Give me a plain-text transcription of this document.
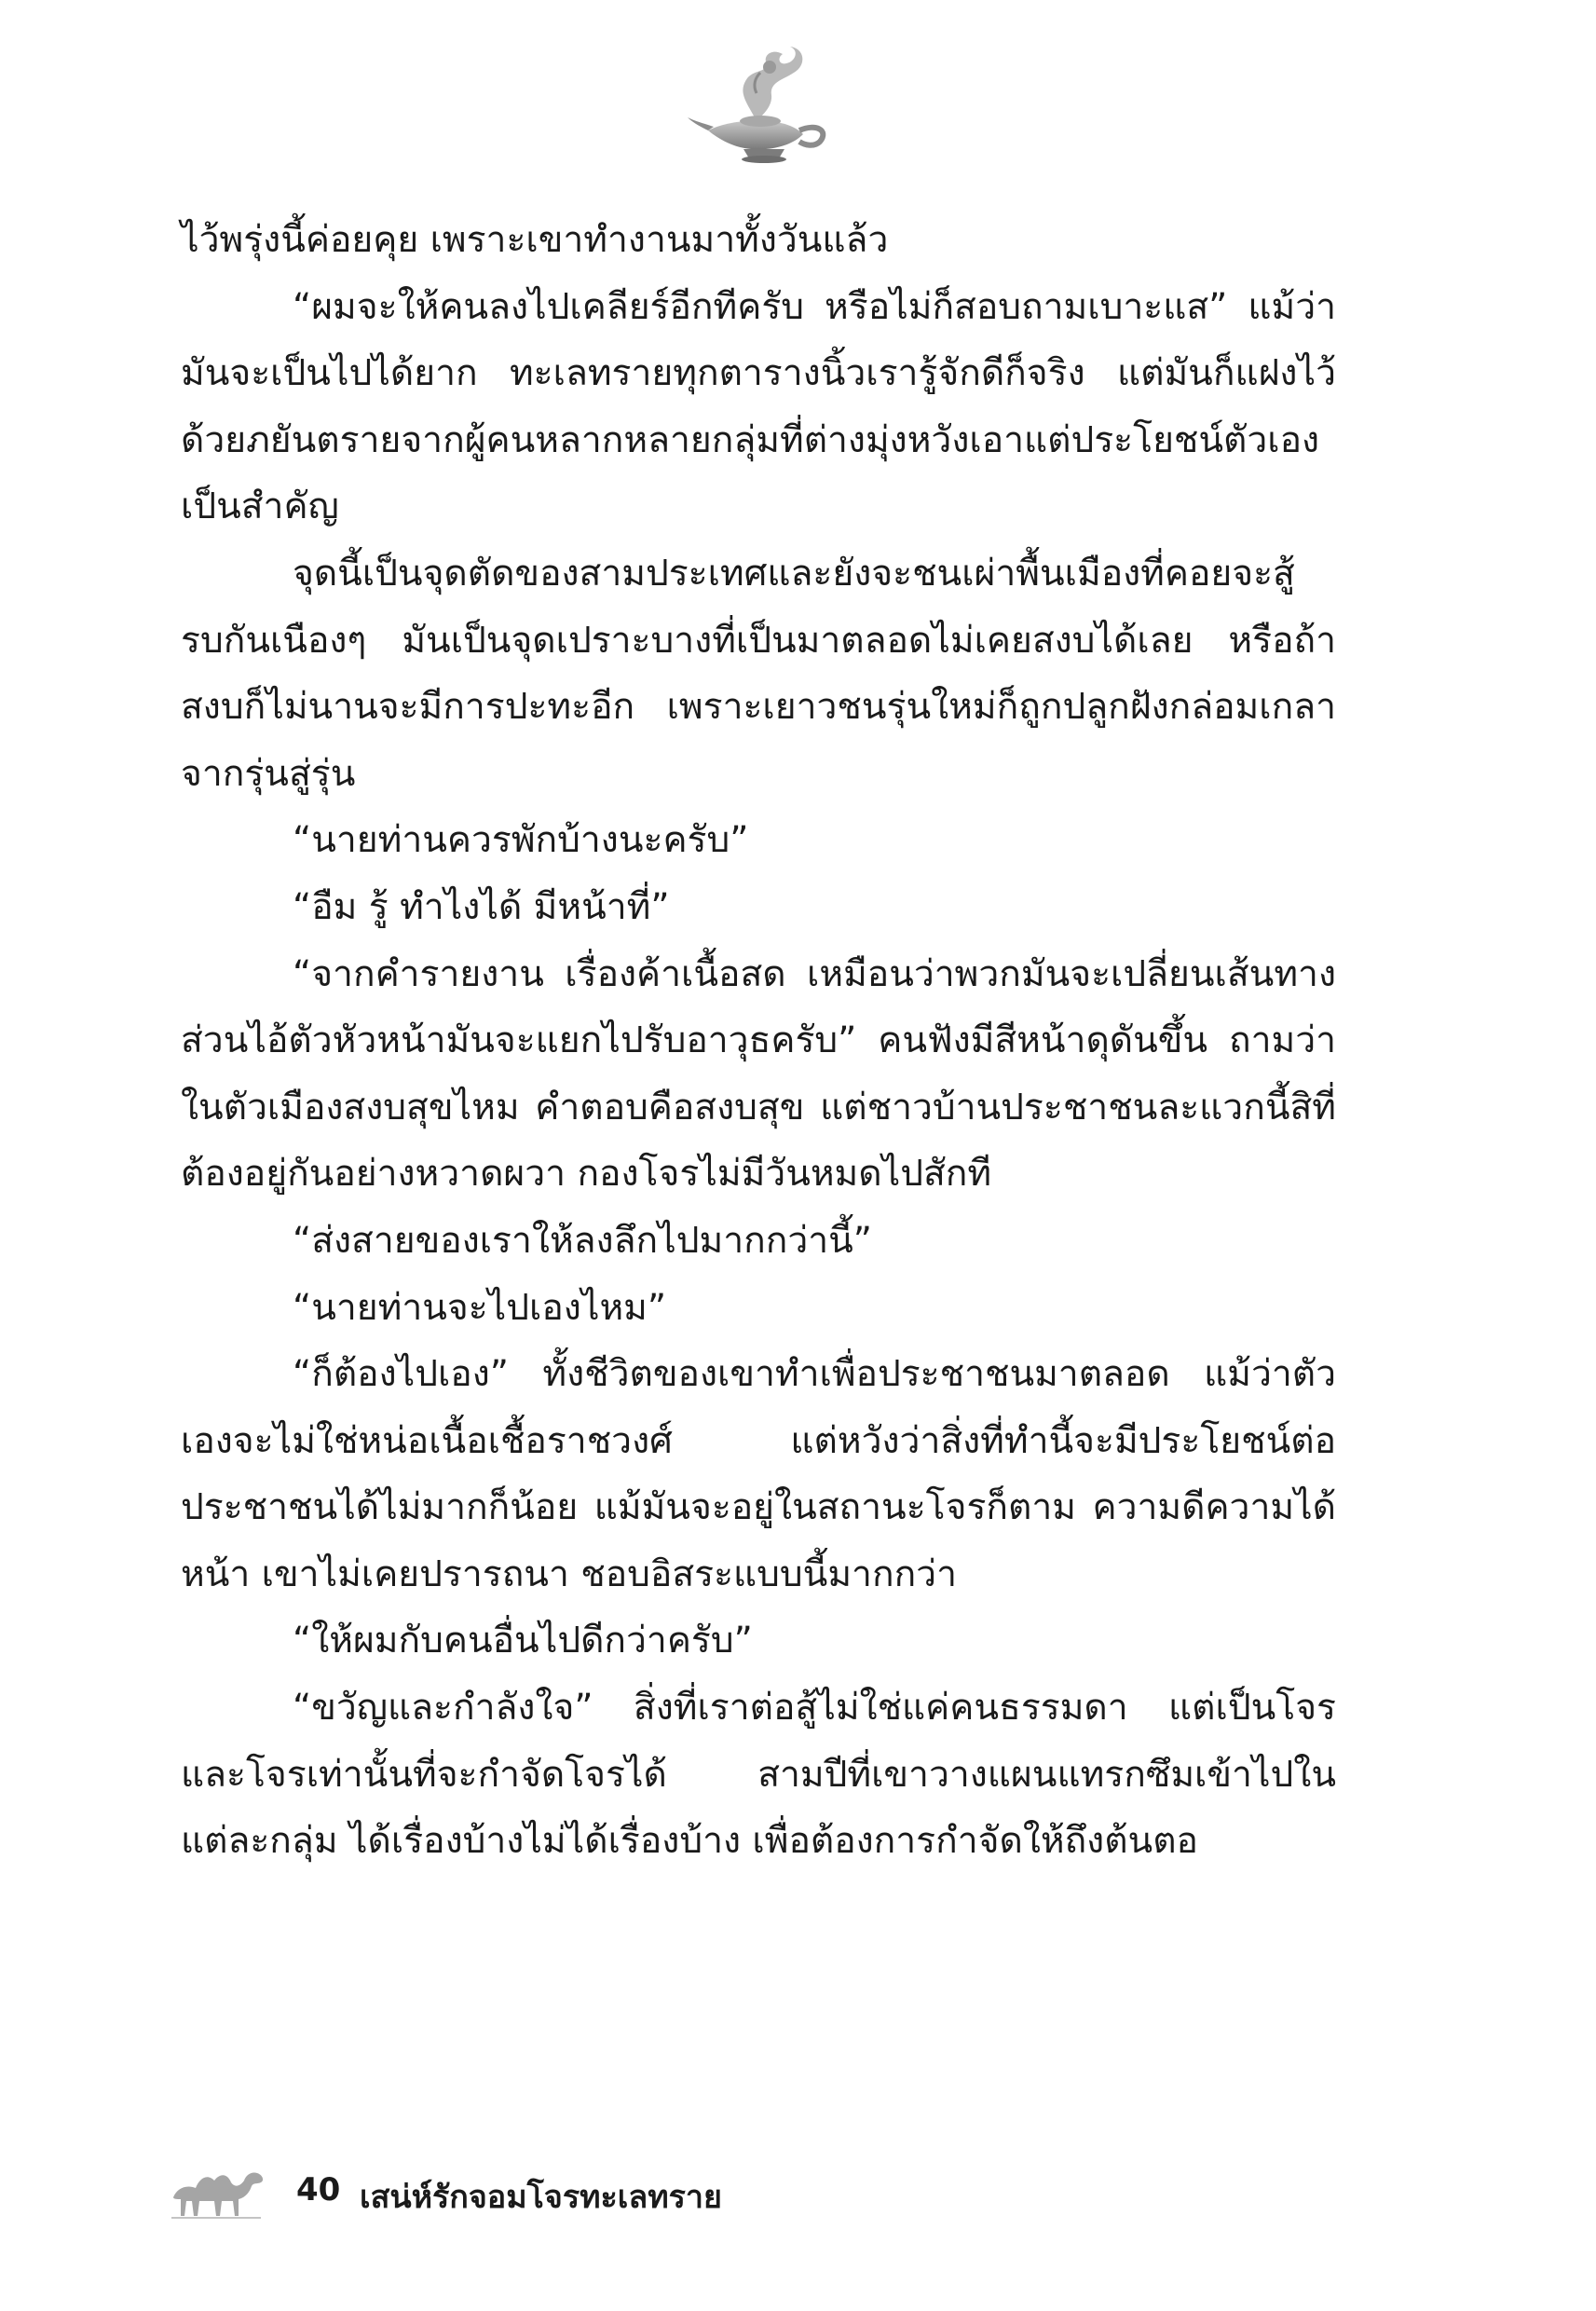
ไว้พรุ่งนี้ค่อยคุย เพราะเขาทำงานมาทั้งวันแล้ว

“ผมจะให้คนลงไปเคลียร์อีกทีครับ หรือไม่ก็สอบถามเบาะแส” แม้ว่ามันจะเป็นไปได้ยาก ทะเลทรายทุกตารางนิ้วเรารู้จักดีก็จริง แต่มันก็แฝงไว้ด้วยภยันตรายจากผู้คนหลากหลายกลุ่มที่ต่างมุ่งหวังเอาแต่ประโยชน์ตัวเองเป็นสำคัญ

จุดนี้เป็นจุดตัดของสามประเทศและยังจะชนเผ่าพื้นเมืองที่คอยจะสู้รบกันเนืองๆ มันเป็นจุดเปราะบางที่เป็นมาตลอดไม่เคยสงบได้เลย หรือถ้าสงบก็ไม่นานจะมีการปะทะอีก เพราะเยาวชนรุ่นใหม่ก็ถูกปลูกฝังกล่อมเกลาจากรุ่นสู่รุ่น

“นายท่านควรพักบ้างนะครับ”

“อืม รู้ ทำไงได้ มีหน้าที่”

“จากคำรายงาน เรื่องค้าเนื้อสด เหมือนว่าพวกมันจะเปลี่ยนเส้นทาง ส่วนไอ้ตัวหัวหน้ามันจะแยกไปรับอาวุธครับ” คนฟังมีสีหน้าดุดันขึ้น ถามว่าในตัวเมืองสงบสุขไหม คำตอบคือสงบสุข แต่ชาวบ้านประชาชนละแวกนี้สิที่ต้องอยู่กันอย่างหวาดผวา กองโจรไม่มีวันหมดไปสักที

“ส่งสายของเราให้ลงลึกไปมากกว่านี้”

“นายท่านจะไปเองไหม”

“ก็ต้องไปเอง” ทั้งชีวิตของเขาทำเพื่อประชาชนมาตลอด แม้ว่าตัวเองจะไม่ใช่หน่อเนื้อเชื้อราชวงศ์ แต่หวังว่าสิ่งที่ทำนี้จะมีประโยชน์ต่อประชาชนได้ไม่มากก็น้อย แม้มันจะอยู่ในสถานะโจรก็ตาม ความดีความได้หน้า เขาไม่เคยปรารถนา ชอบอิสระแบบนี้มากกว่า

“ให้ผมกับคนอื่นไปดีกว่าครับ”

“ขวัญและกำลังใจ” สิ่งที่เราต่อสู้ไม่ใช่แค่คนธรรมดา แต่เป็นโจรและโจรเท่านั้นที่จะกำจัดโจรได้ สามปีที่เขาวางแผนแทรกซึมเข้าไปในแต่ละกลุ่ม ได้เรื่องบ้างไม่ได้เรื่องบ้าง เพื่อต้องการกำจัดให้ถึงต้นตอ

40 เสน่ห์รักจอมโจรทะเลทราย
